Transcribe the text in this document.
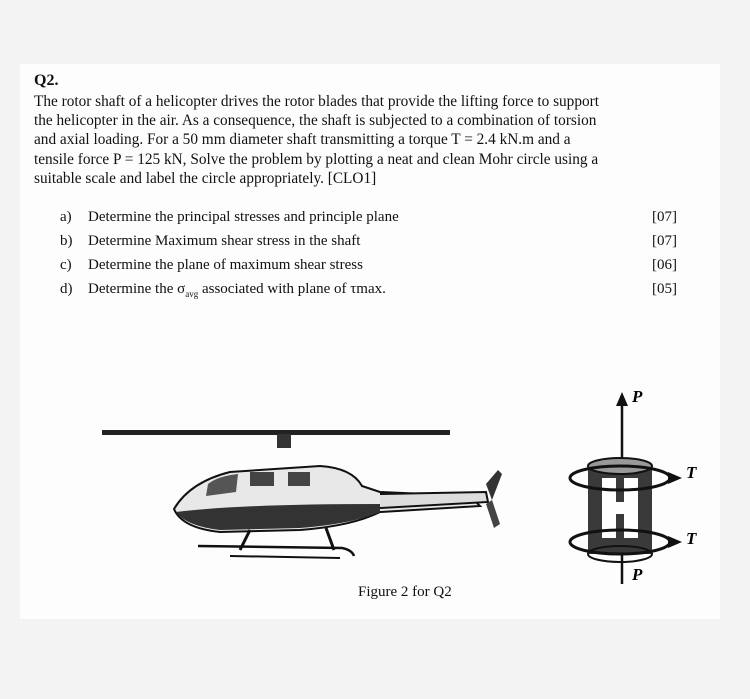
Q2.
The rotor shaft of a helicopter drives the rotor blades that provide the lifting force to support
the helicopter in the air. As a consequence, the shaft is subjected to a combination of torsion
and axial loading. For a 50 mm diameter shaft transmitting a torque T = 2.4 kN.m and a
tensile force P = 125 kN, Solve the problem by plotting a neat and clean Mohr circle using a
suitable scale and label the circle appropriately. [CLO1]
a) Determine the principal stresses and principle plane	[07]
b) Determine Maximum shear stress in the shaft	[07]
c) Determine the plane of maximum shear stress	[06]
d) Determine the $\sigma_{avg}$ associated with plane of τmax.	[05]
P
T
T
P
Figure 2 for Q2
